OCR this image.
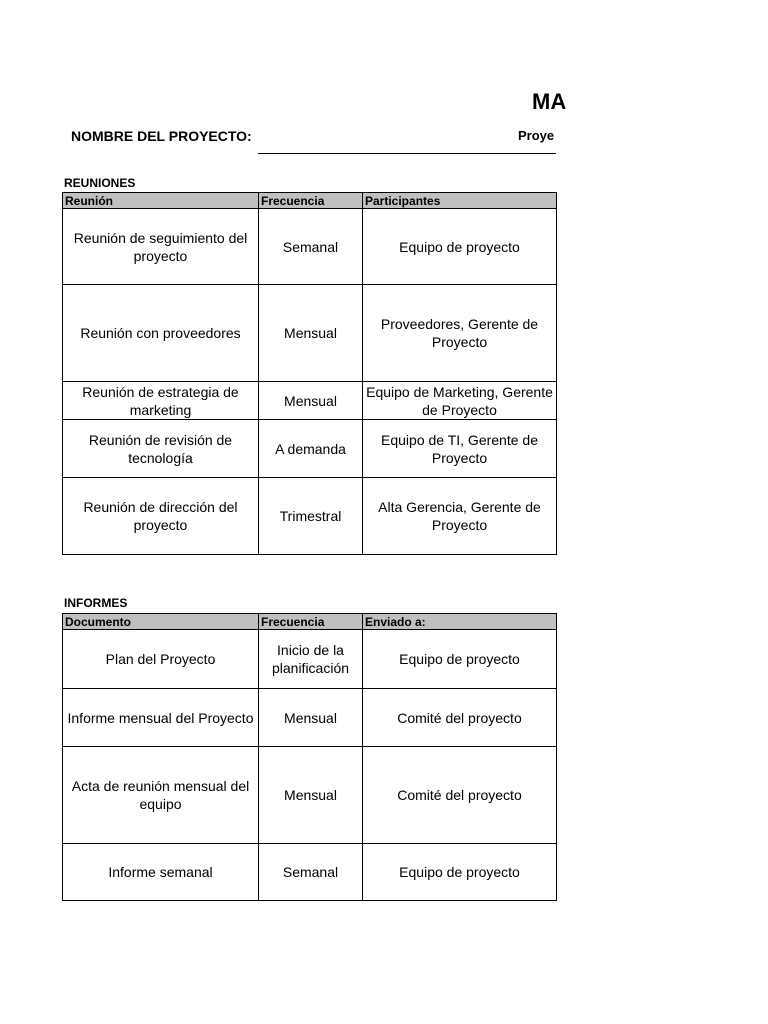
MA
NOMBRE DEL PROYECTO:	Proye
REUNIONES
Reunión	Frecuencia	Participantes
Reunión de seguimiento del proyecto	Semanal	Equipo de proyecto
Reunión con proveedores	Mensual	Proveedores, Gerente de Proyecto
Reunión de estrategia de marketing	Mensual	Equipo de Marketing, Gerente de Proyecto
Reunión de revisión de tecnología	A demanda	Equipo de TI, Gerente de Proyecto
Reunión de dirección del proyecto	Trimestral	Alta Gerencia, Gerente de Proyecto
INFORMES
Documento	Frecuencia	Enviado a:
Plan del Proyecto	Inicio de la planificación	Equipo de proyecto
Informe mensual del Proyecto	Mensual	Comité del proyecto
Acta de reunión mensual del equipo	Mensual	Comité del proyecto
Informe semanal	Semanal	Equipo de proyecto
